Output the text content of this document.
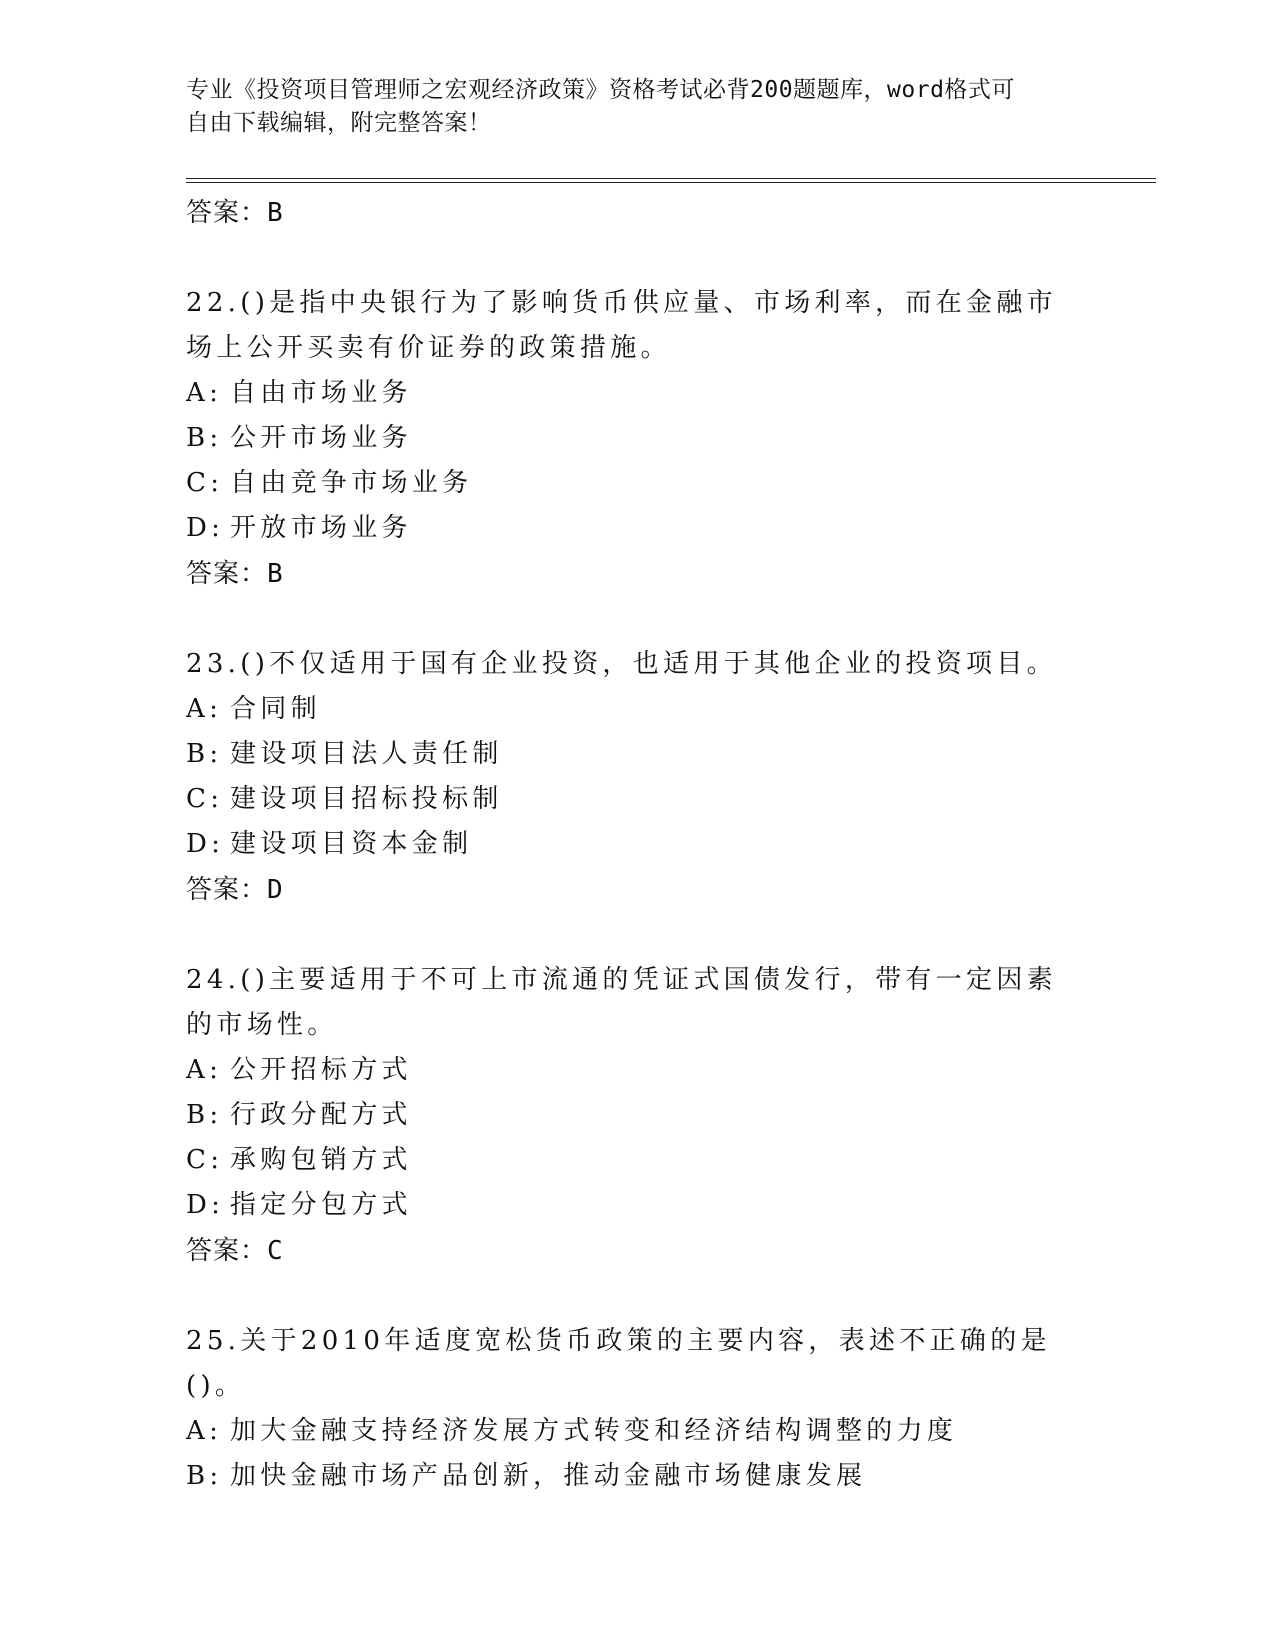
专业《投资项目管理师之宏观经济政策》资格考试必背200题题库，word格式可
自由下载编辑，附完整答案！
答案：B
22.()是指中央银行为了影响货币供应量、市场利率，而在金融市场上公开买卖有价证券的政策措施。
A: 自由市场业务
B: 公开市场业务
C: 自由竞争市场业务
D: 开放市场业务
答案：B
23.()不仅适用于国有企业投资，也适用于其他企业的投资项目。
A: 合同制
B: 建设项目法人责任制
C: 建设项目招标投标制
D: 建设项目资本金制
答案：D
24.()主要适用于不可上市流通的凭证式国债发行，带有一定因素的市场性。
A: 公开招标方式
B: 行政分配方式
C: 承购包销方式
D: 指定分包方式
答案：C
25.关于2010年适度宽松货币政策的主要内容，表述不正确的是()。
A: 加大金融支持经济发展方式转变和经济结构调整的力度
B: 加快金融市场产品创新，推动金融市场健康发展
